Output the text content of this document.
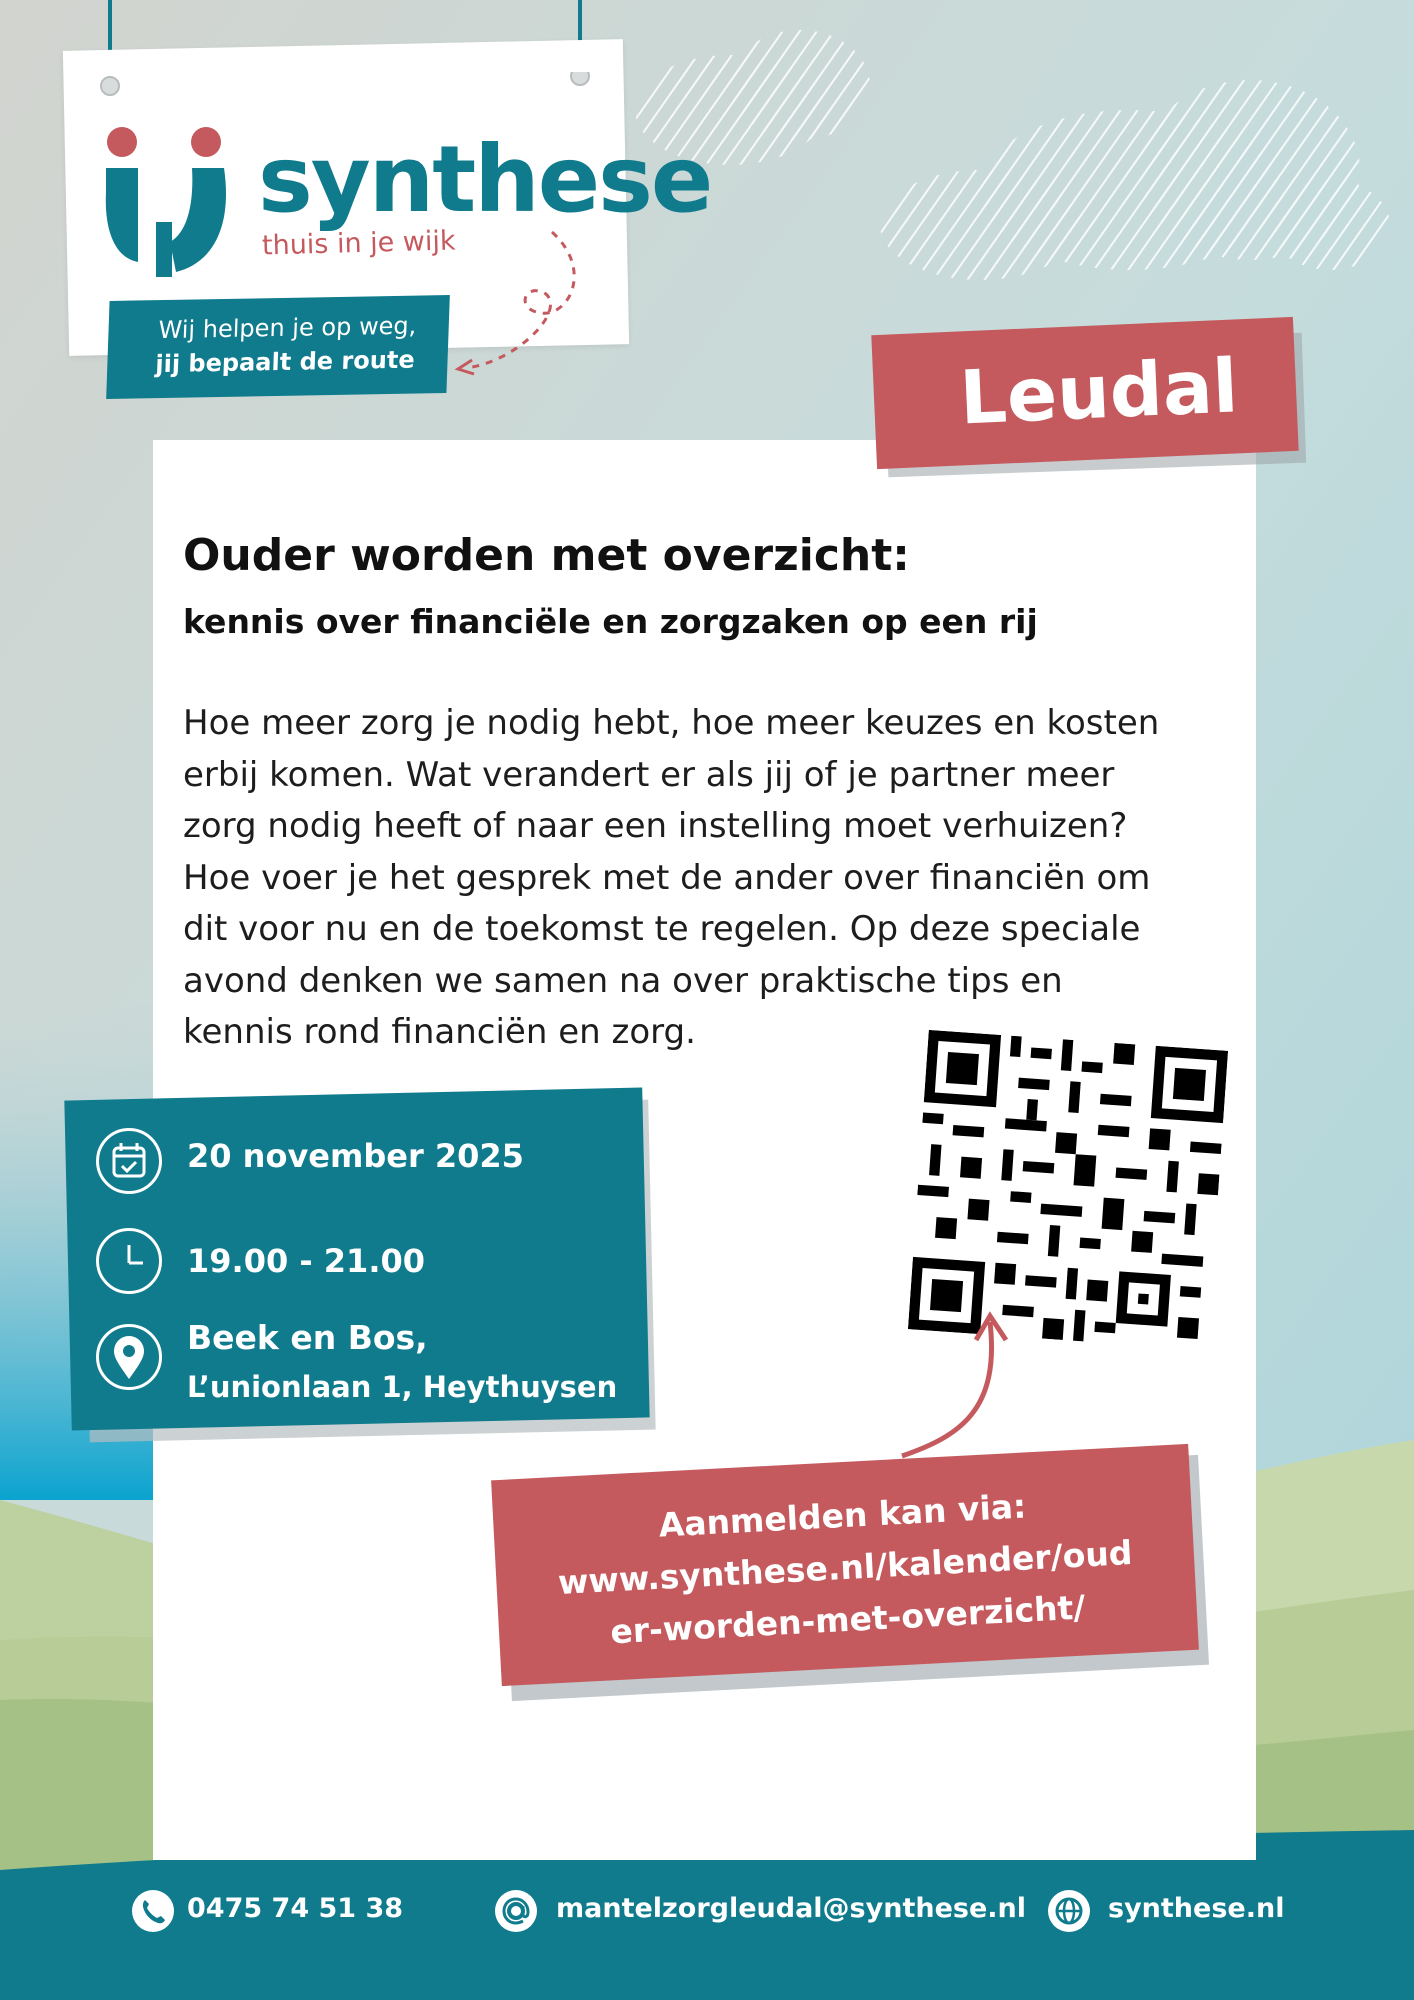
synthese
thuis in je wijk
Wij helpen je op weg,
jij bepaalt de route	Leudal
Ouder worden met overzicht:
kennis over financiële en zorgzaken op een rij
Hoe meer zorg je nodig hebt, hoe meer keuzes en kosten
erbij komen. Wat verandert er als jij of je partner meer
zorg nodig heeft of naar een instelling moet verhuizen?
Hoe voer je het gesprek met de ander over financiën om
dit voor nu en de toekomst te regelen. Op deze speciale
avond denken we samen na over praktische tips en
kennis rond financiën en zorg.
20 november 2025
19.00 - 21.00
Beek en Bos,
L’unionlaan 1, Heythuysen
Aanmelden kan via:
www.synthese.nl/kalender/oud
er-worden-met-overzicht/
0475 74 51 38	mantelzorgleudal@synthese.nl	synthese.nl
